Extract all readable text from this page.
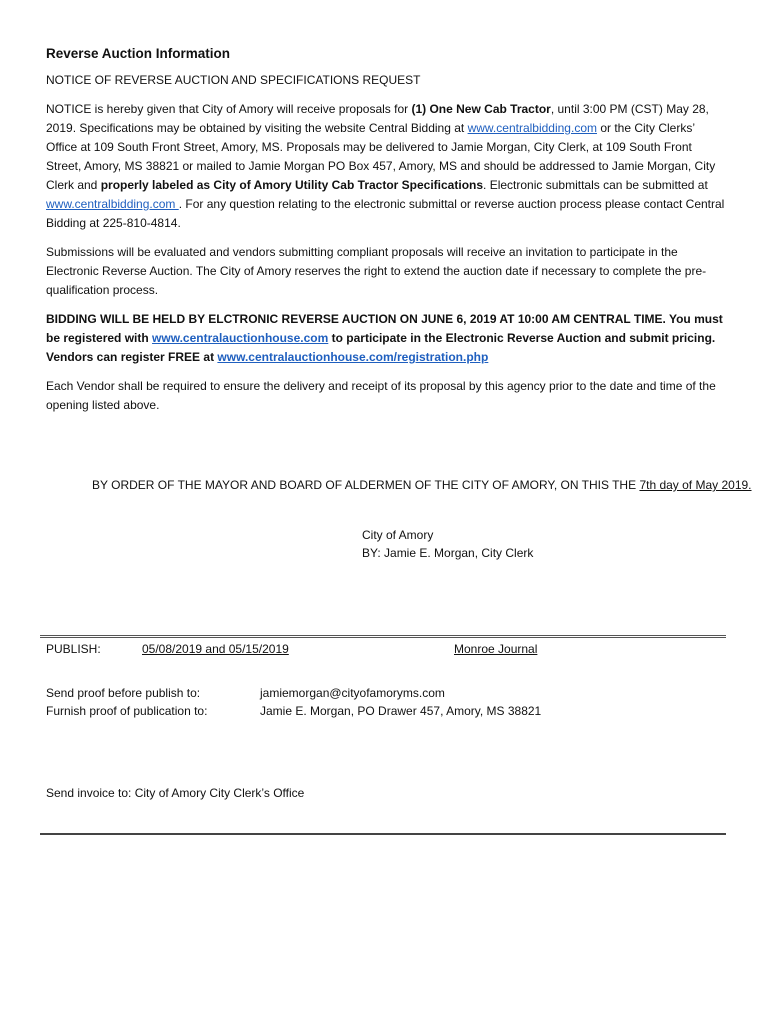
Reverse Auction Information

NOTICE OF REVERSE AUCTION AND SPECIFICATIONS REQUEST

NOTICE is hereby given that City of Amory will receive proposals for (1) One New Cab Tractor, until 3:00 PM (CST) May 28, 2019. Specifications may be obtained by visiting the website Central Bidding at www.centralbidding.com or the City Clerks’ Office at 109 South Front Street, Amory, MS. Proposals may be delivered to Jamie Morgan, City Clerk, at 109 South Front Street, Amory, MS 38821 or mailed to Jamie Morgan PO Box 457, Amory, MS and should be addressed to Jamie Morgan, City Clerk and properly labeled as City of Amory Utility Cab Tractor Specifications. Electronic submittals can be submitted at www.centralbidding.com . For any question relating to the electronic submittal or reverse auction process please contact Central Bidding at 225-810-4814.

Submissions will be evaluated and vendors submitting compliant proposals will receive an invitation to participate in the Electronic Reverse Auction. The City of Amory reserves the right to extend the auction date if necessary to complete the pre-qualification process.

BIDDING WILL BE HELD BY ELCTRONIC REVERSE AUCTION ON JUNE 6, 2019 AT 10:00 AM CENTRAL TIME. You must be registered with www.centralauctionhouse.com to participate in the Electronic Reverse Auction and submit pricing. Vendors can register FREE at www.centralauctionhouse.com/registration.php

Each Vendor shall be required to ensure the delivery and receipt of its proposal by this agency prior to the date and time of the opening listed above.

BY ORDER OF THE MAYOR AND BOARD OF ALDERMEN OF THE CITY OF AMORY, ON THIS THE 7th day of May 2019.
City of Amory
BY: Jamie E. Morgan, City Clerk
PUBLISH:	05/08/2019 and 05/15/2019	Monroe Journal
Send proof before publish to:	jamiemorgan@cityofamoryms.com
Furnish proof of publication to:	Jamie E. Morgan, PO Drawer 457, Amory, MS 38821
Send invoice to: City of Amory City Clerk’s Office
